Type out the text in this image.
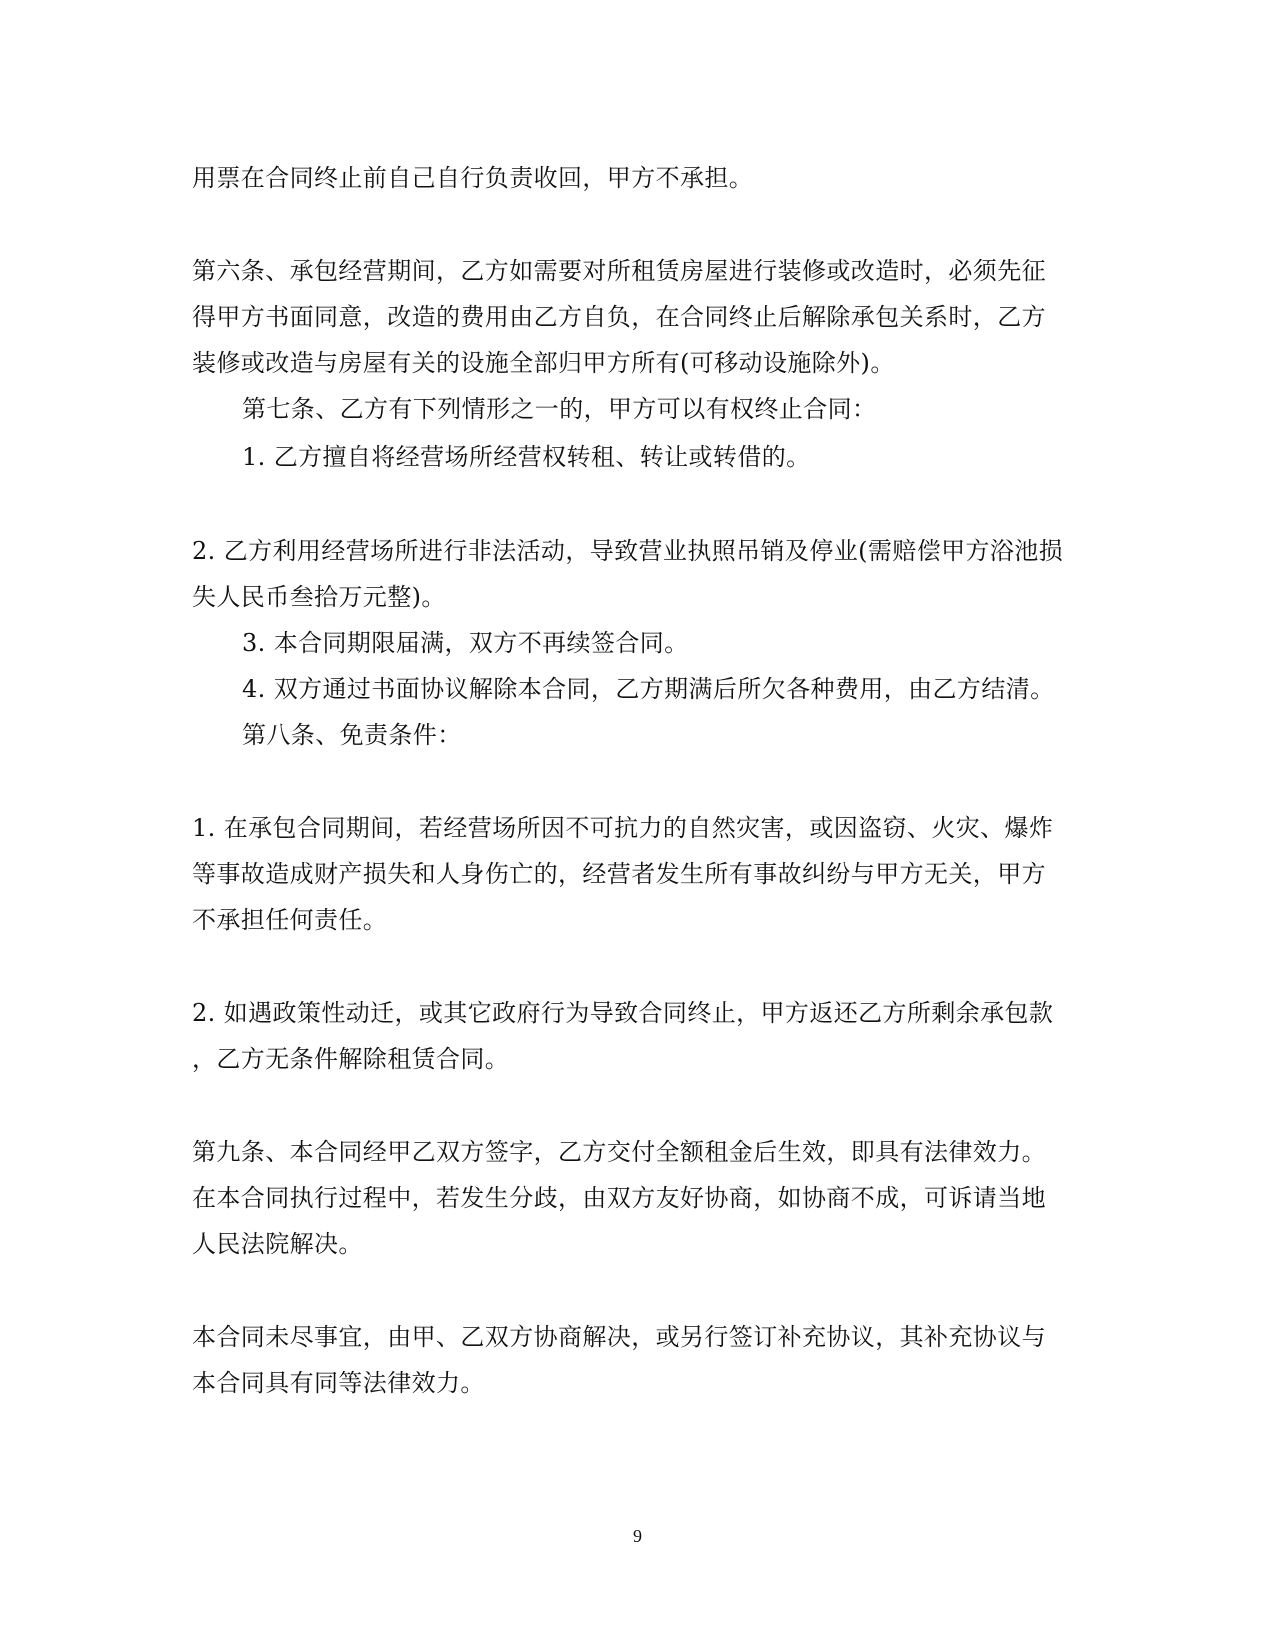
用票在合同终止前自己自行负责收回，甲方不承担。
第六条、承包经营期间，乙方如需要对所租赁房屋进行装修或改造时，必须先征
得甲方书面同意，改造的费用由乙方自负，在合同终止后解除承包关系时，乙方
装修或改造与房屋有关的设施全部归甲方所有(可移动设施除外)。
第七条、乙方有下列情形之一的，甲方可以有权终止合同：
1. 乙方擅自将经营场所经营权转租、转让或转借的。
2. 乙方利用经营场所进行非法活动，导致营业执照吊销及停业(需赔偿甲方浴池损
失人民币叁拾万元整)。
3. 本合同期限届满，双方不再续签合同。
4. 双方通过书面协议解除本合同，乙方期满后所欠各种费用，由乙方结清。
第八条、免责条件：
1. 在承包合同期间，若经营场所因不可抗力的自然灾害，或因盗窃、火灾、爆炸
等事故造成财产损失和人身伤亡的，经营者发生所有事故纠纷与甲方无关，甲方
不承担任何责任。
2. 如遇政策性动迁，或其它政府行为导致合同终止，甲方返还乙方所剩余承包款
，乙方无条件解除租赁合同。
第九条、本合同经甲乙双方签字，乙方交付全额租金后生效，即具有法律效力。
在本合同执行过程中，若发生分歧，由双方友好协商，如协商不成，可诉请当地
人民法院解决。
本合同未尽事宜，由甲、乙双方协商解决，或另行签订补充协议，其补充协议与
本合同具有同等法律效力。
9
